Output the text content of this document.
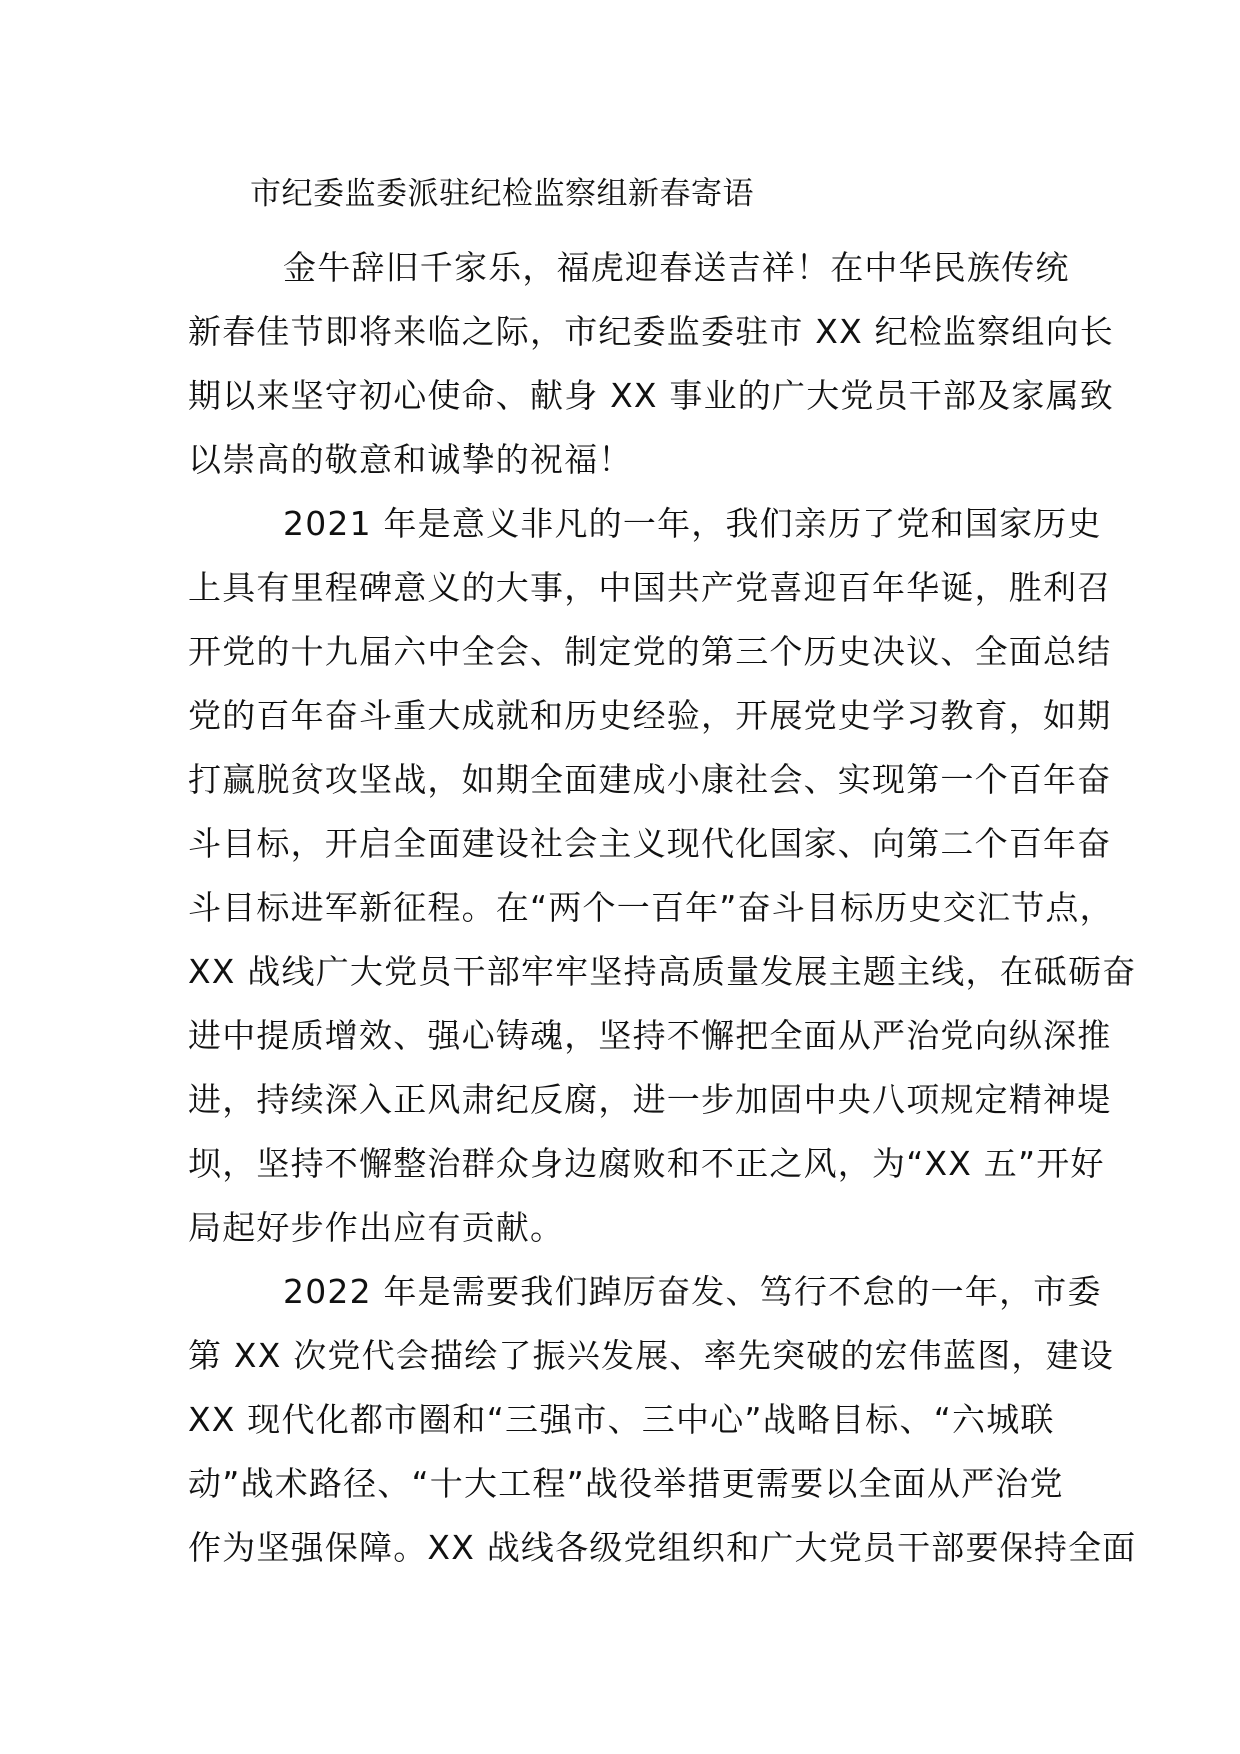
市纪委监委派驻纪检监察组新春寄语
金牛辞旧千家乐，福虎迎春送吉祥！在中华民族传统
新春佳节即将来临之际，市纪委监委驻市 XX 纪检监察组向长
期以来坚守初心使命、献身 XX 事业的广大党员干部及家属致
以崇高的敬意和诚挚的祝福！
2021 年是意义非凡的一年，我们亲历了党和国家历史
上具有里程碑意义的大事，中国共产党喜迎百年华诞，胜利召
开党的十九届六中全会、制定党的第三个历史决议、全面总结
党的百年奋斗重大成就和历史经验，开展党史学习教育，如期
打赢脱贫攻坚战，如期全面建成小康社会、实现第一个百年奋
斗目标，开启全面建设社会主义现代化国家、向第二个百年奋
斗目标进军新征程。在“两个一百年”奋斗目标历史交汇节点，
XX 战线广大党员干部牢牢坚持高质量发展主题主线，在砥砺奋
进中提质增效、强心铸魂，坚持不懈把全面从严治党向纵深推
进，持续深入正风肃纪反腐，进一步加固中央八项规定精神堤
坝，坚持不懈整治群众身边腐败和不正之风，为“XX 五”开好
局起好步作出应有贡献。
2022 年是需要我们踔厉奋发、笃行不怠的一年，市委
第 XX 次党代会描绘了振兴发展、率先突破的宏伟蓝图，建设
XX 现代化都市圈和“三强市、三中心”战略目标、“六城联
动”战术路径、“十大工程”战役举措更需要以全面从严治党
作为坚强保障。XX 战线各级党组织和广大党员干部要保持全面
